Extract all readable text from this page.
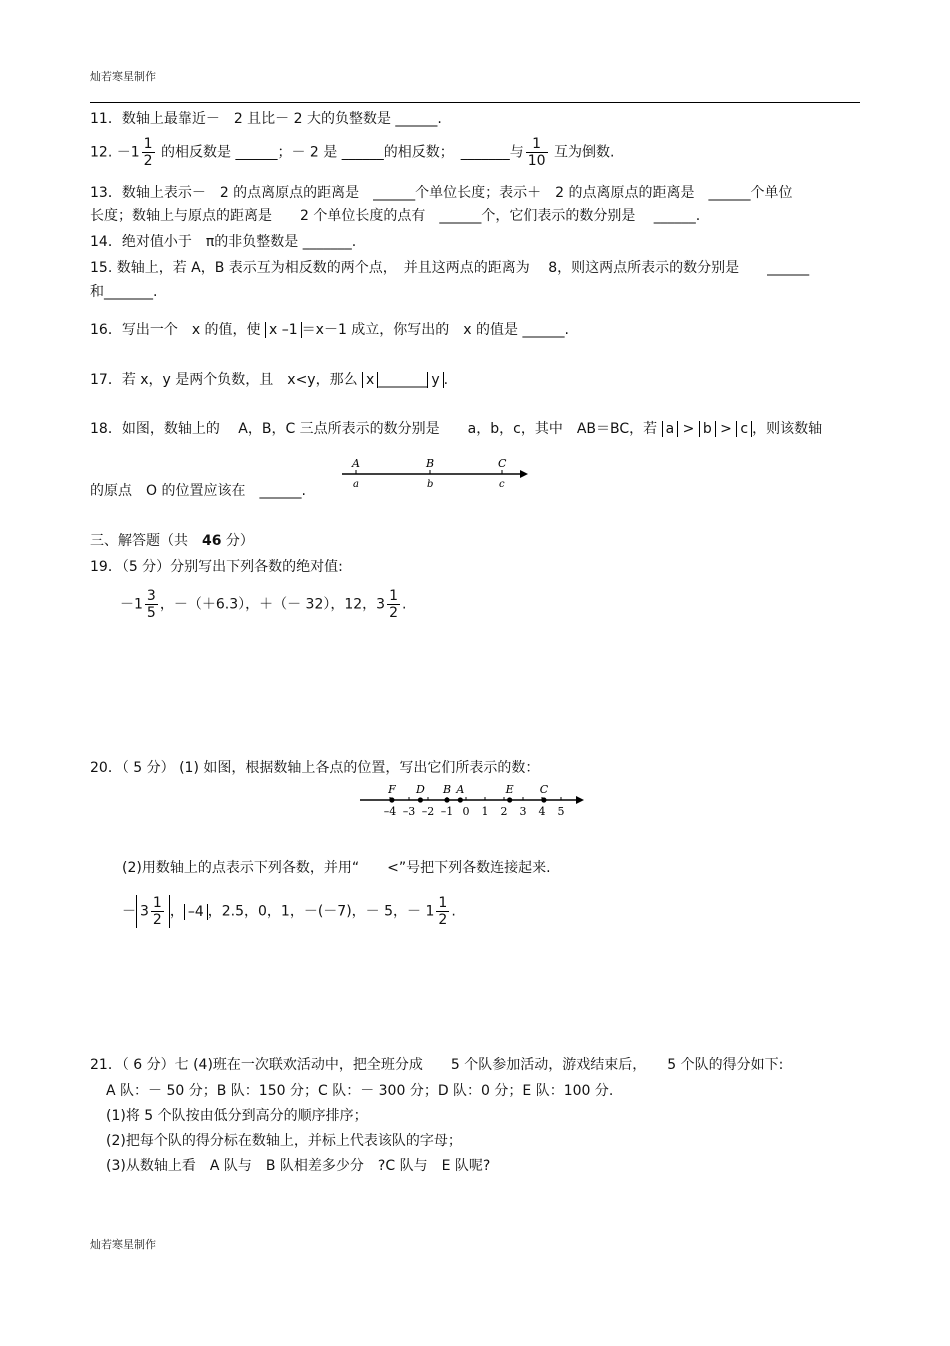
灿若寒星制作
11．数轴上最靠近－　2 且比－ 2 大的负整数是 ______.
12. $-1 \frac{1}{2}$ 的相反数是 ______；－ 2 是 ______的相反数；　_______与 $\frac{1}{10}$ 互为倒数.
13．数轴上表示－　2 的点离原点的距离是　______个单位长度；表示＋　2 的点离原点的距离是　______个单位
长度；数轴上与原点的距离是　　2 个单位长度的点有　______个，它们表示的数分别是　 ______.
14．绝对值小于　π的非负整数是 _______.
15. 数轴上，若 A，B 表示互为相反数的两个点，　并且这两点的距离为　 8，则这两点所表示的数分别是　　______
和_______.
16．写出一个　x 的值，使 x –1 ＝x－1 成立，你写出的　x 的值是 ______.
17．若 x，y 是两个负数，且　x<y，那么 x _______ y .
18．如图，数轴上的　 A，B，C 三点所表示的数分别是　　a，b，c，其中　AB＝BC，若 a > b > c ，则该数轴
A	B	C
a	b	c
的原点　O 的位置应该在　______.
三、解答题（共　46 分）
19．（5 分）分别写出下列各数的绝对值:
$-1 \frac{3}{5}$ ，－（＋6.3），＋（－ 32），12，$3 \frac{1}{2}$ .
20．（ 5 分） (1) 如图，根据数轴上各点的位置，写出它们所表示的数：
–4 –3 –2 –1 0 1 2 3 4 5
F D B A	E C
(2)用数轴上的点表示下列各数，并用“　　<”号把下列各数连接起来.
－ $3 \frac{1}{2}$ ， –4 ，2.5，0，1，－(－7)，－ 5，－ $1 \frac{1}{2}$ .
21．（ 6 分）七 (4)班在一次联欢活动中，把全班分成　　5 个队参加活动，游戏结束后，　　5 个队的得分如下:
A 队：－ 50 分；B 队：150 分；C 队：－ 300 分；D 队：0 分；E 队：100 分.
(1)将 5 个队按由低分到高分的顺序排序；
(2)把每个队的得分标在数轴上，并标上代表该队的字母；
(3)从数轴上看　A 队与　B 队相差多少分　?C 队与　E 队呢?
灿若寒星制作
